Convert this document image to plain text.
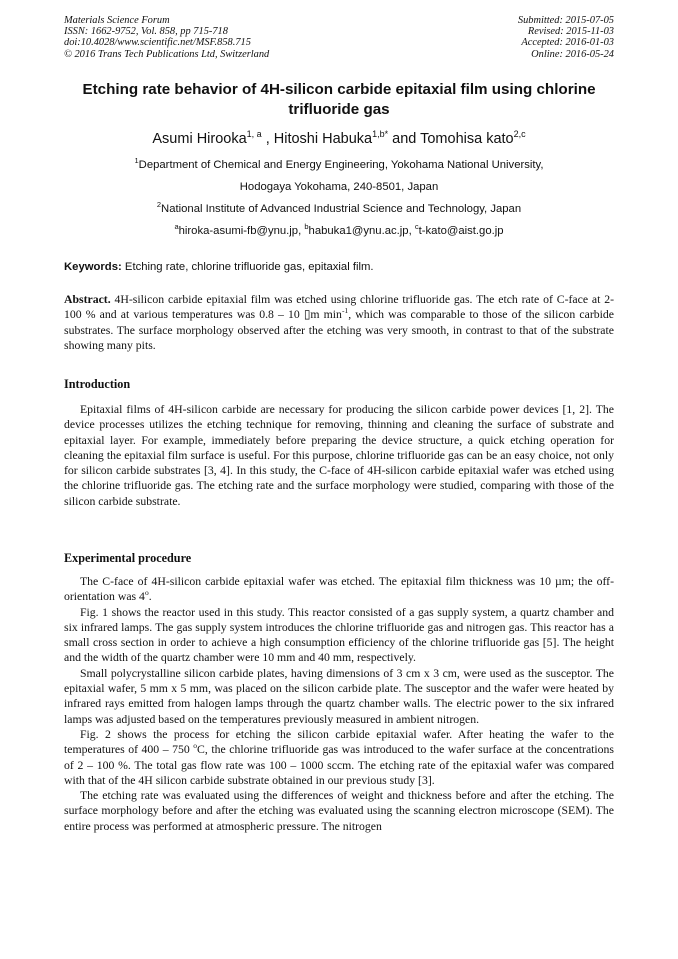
Materials Science Forum
ISSN: 1662-9752, Vol. 858, pp 715-718
doi:10.4028/www.scientific.net/MSF.858.715
© 2016 Trans Tech Publications Ltd, Switzerland
Submitted: 2015-07-05
Revised: 2015-11-03
Accepted: 2016-01-03
Online: 2016-05-24
Etching rate behavior of 4H-silicon carbide epitaxial film using chlorine trifluoride gas
Asumi Hirooka$^{1, a}$ , Hitoshi Habuka$^{1,b*}$ and Tomohisa kato$^{2,c}$
$^1$Department of Chemical and Energy Engineering, Yokohama National University,
Hodogaya Yokohama, 240-8501, Japan
$^2$National Institute of Advanced Industrial Science and Technology, Japan
$^a$hiroka-asumi-fb@ynu.jp, $^b$habuka1@ynu.ac.jp, $^c$t-kato@aist.go.jp
Keywords: Etching rate, chlorine trifluoride gas, epitaxial film.

Abstract. 4H-silicon carbide epitaxial film was etched using chlorine trifluoride gas. The etch rate of C-face at 2-100 % and at various temperatures was 0.8 – 10 ▯m $\min^{-1}$, which was comparable to those of the silicon carbide substrates. The surface morphology observed after the etching was very smooth, in contrast to that of the substrate showing many pits.

Introduction

Epitaxial films of 4H-silicon carbide are necessary for producing the silicon carbide power devices [1, 2]. The device processes utilizes the etching technique for removing, thinning and cleaning the surface of substrate and epitaxial layer. For example, immediately before preparing the device structure, a quick etching operation for cleaning the epitaxial film surface is useful. For this purpose, chlorine trifluoride gas can be an easy choice, not only for silicon carbide substrates [3, 4]. In this study, the C-face of 4H-silicon carbide epitaxial wafer was etched using the chlorine trifluoride gas. The etching rate and the surface morphology were studied, comparing with those of the silicon carbide substrate.

Experimental procedure

The C-face of 4H-silicon carbide epitaxial wafer was etched. The epitaxial film thickness was 10 µm; the off-orientation was 4$^o$.

Fig. 1 shows the reactor used in this study. This reactor consisted of a gas supply system, a quartz chamber and six infrared lamps. The gas supply system introduces the chlorine trifluoride gas and nitrogen gas. This reactor has a small cross section in order to achieve a high consumption efficiency of the chlorine trifluoride gas [5]. The height and the width of the quartz chamber were 10 mm and 40 mm, respectively.

Small polycrystalline silicon carbide plates, having dimensions of 3 cm x 3 cm, were used as the susceptor. The epitaxial wafer, 5 mm x 5 mm, was placed on the silicon carbide plate. The susceptor and the wafer were heated by infrared rays emitted from halogen lamps through the quartz chamber walls. The electric power to the six infrared lamps was adjusted based on the temperatures previously measured in ambient nitrogen.

Fig. 2 shows the process for etching the silicon carbide epitaxial wafer. After heating the wafer to the temperatures of 400 – 750 $^o$C, the chlorine trifluoride gas was introduced to the wafer surface at the concentrations of 2 – 100 %. The total gas flow rate was 100 – 1000 sccm. The etching rate of the epitaxial wafer was compared with that of the 4H silicon carbide substrate obtained in our previous study [3].

The etching rate was evaluated using the differences of weight and thickness before and after the etching. The surface morphology before and after the etching was evaluated using the scanning electron microscope (SEM). The entire process was performed at atmospheric pressure. The nitrogen
